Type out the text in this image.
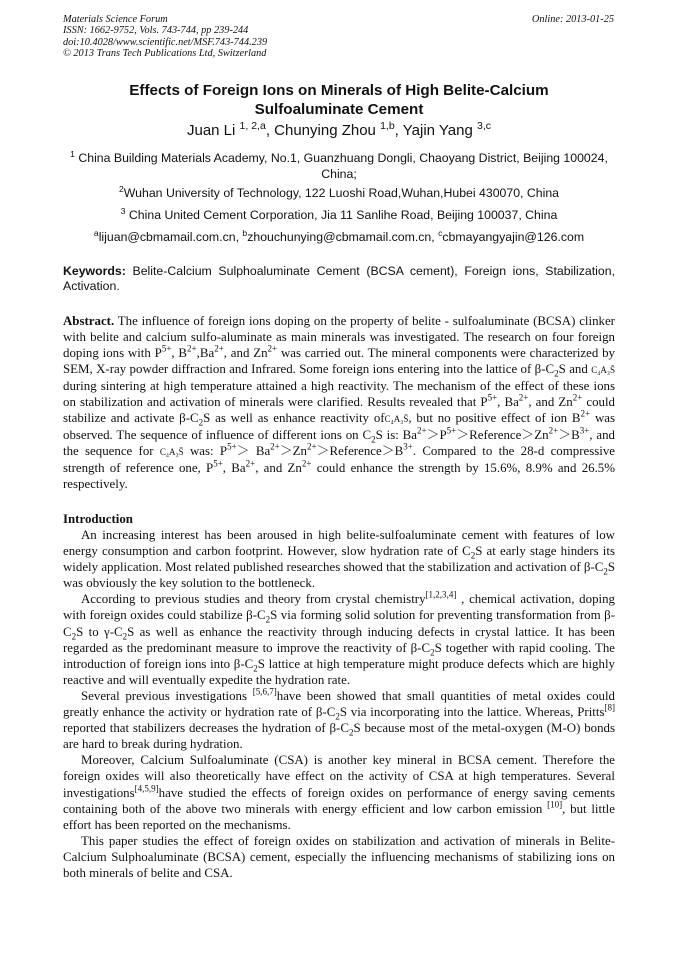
Materials Science Forum
ISSN: 1662-9752, Vols. 743-744, pp 239-244
doi:10.4028/www.scientific.net/MSF.743-744.239
© 2013 Trans Tech Publications Ltd, Switzerland
Online: 2013-01-25
Effects of Foreign Ions on Minerals of High Belite-Calcium
Sulfoaluminate Cement
Juan Li $^{1, 2,a}$, Chunying Zhou $^{1,b}$, Yajin Yang $^{3,c}$
$^1$ China Building Materials Academy, No.1, Guanzhuang Dongli, Chaoyang District, Beijing 100024,
China;
$^2$Wuhan University of Technology, 122 Luoshi Road,Wuhan,Hubei 430070, China
$^3$ China United Cement Corporation, Jia 11 Sanlihe Road, Beijing 100037, China
$^a$lijuan@cbmamail.com.cn, $^b$zhouchunying@cbmamail.com.cn, $^c$cbmayangyajin@126.com
Keywords: Belite-Calcium Sulphoaluminate Cement (BCSA cement), Foreign ions, Stabilization, Activation.
Abstract. The influence of foreign ions doping on the property of belite - sulfoaluminate (BCSA) clinker with belite and calcium sulfo-aluminate as main minerals was investigated. The research on four foreign doping ions with $P^{5+}$, $B^{2+},Ba^{2+}$, and $Zn^{2+}$ was carried out. The mineral components were characterized by SEM, X-ray powder diffraction and Infrared. Some foreign ions entering into the lattice of $\beta-C_2S$ and C₄A₃S̄ during sintering at high temperature attained a high reactivity. The mechanism of the effect of these ions on stabilization and activation of minerals were clarified. Results revealed that $P^{5+}$, $Ba^{2+}$, and $Zn^{2+}$ could stabilize and activate $\beta-C_2S$ as well as enhance reactivity ofC₄A₃S̄, but no positive effect of ion $B^{2+}$ was observed. The sequence of influence of different ions on $C_2S$ is: $Ba^{2+}>P^{5+}>Reference>Zn^{2+}>B^{3+}$, and the sequence for C₄A₃S̄ was: $P^{5+}>$ $Ba^{2+}>Zn^{2+}>Reference>B^{3+}$. Compared to the 28-d compressive strength of reference one, $P^{5+}$, $Ba^{2+}$, and $Zn^{2+}$ could enhance the strength by 15.6%, 8.9% and 26.5% respectively.
Introduction

An increasing interest has been aroused in high belite-sulfoaluminate cement with features of low energy consumption and carbon footprint. However, slow hydration rate of $C_2S$ at early stage hinders its widely application. Most related published researches showed that the stabilization and activation of $\beta-C_2S$ was obviously the key solution to the bottleneck.

According to previous studies and theory from crystal chemistry[1,2,3,4] , chemical activation, doping with foreign oxides could stabilize $\beta-C_2S$ via forming solid solution for preventing transformation from $\beta-C_2S$ to $\gamma-C_2S$ as well as enhance the reactivity through inducing defects in crystal lattice. It has been regarded as the predominant measure to improve the reactivity of $\beta-C_2S$ together with rapid cooling. The introduction of foreign ions into $\beta-C_2S$ lattice at high temperature might produce defects which are highly reactive and will eventually expedite the hydration rate.

Several previous investigations [5,6,7]have been showed that small quantities of metal oxides could greatly enhance the activity or hydration rate of $\beta-C_2S$ via incorporating into the lattice. Whereas, Pritts[8] reported that stabilizers decreases the hydration of $\beta-C_2S$ because most of the metal-oxygen (M-O) bonds are hard to break during hydration.

Moreover, Calcium Sulfoaluminate (CSA) is another key mineral in BCSA cement. Therefore the foreign oxides will also theoretically have effect on the activity of CSA at high temperatures. Several investigations[4,5,9]have studied the effects of foreign oxides on performance of energy saving cements containing both of the above two minerals with energy efficient and low carbon emission [10], but little effort has been reported on the mechanisms.

This paper studies the effect of foreign oxides on stabilization and activation of minerals in Belite-Calcium Sulphoaluminate (BCSA) cement, especially the influencing mechanisms of stabilizing ions on both minerals of belite and CSA.
